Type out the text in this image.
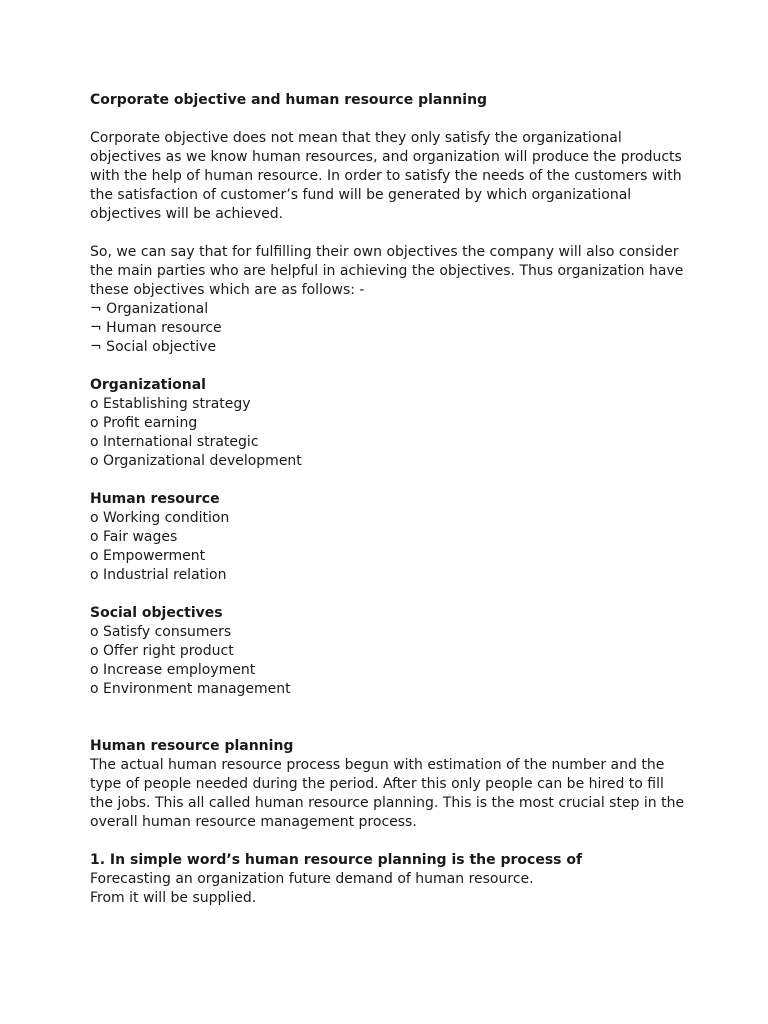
Corporate objective and human resource planning

Corporate objective does not mean that they only satisfy the organizational
objectives as we know human resources, and organization will produce the products
with the help of human resource. In order to satisfy the needs of the customers with
the satisfaction of customer’s fund will be generated by which organizational
objectives will be achieved.
So, we can say that for fulfilling their own objectives the company will also consider
the main parties who are helpful in achieving the objectives. Thus organization have
these objectives which are as follows: -
¬ Organizational
¬ Human resource
¬ Social objective
Organizational
o Establishing strategy
o Profit earning
o International strategic
o Organizational development
Human resource
o Working condition
o Fair wages
o Empowerment
o Industrial relation
Social objectives
o Satisfy consumers
o Offer right product
o Increase employment
o Environment management
Human resource planning
The actual human resource process begun with estimation of the number and the
type of people needed during the period. After this only people can be hired to fill
the jobs. This all called human resource planning. This is the most crucial step in the
overall human resource management process.
1. In simple word’s human resource planning is the process of
Forecasting an organization future demand of human resource.
From it will be supplied.
